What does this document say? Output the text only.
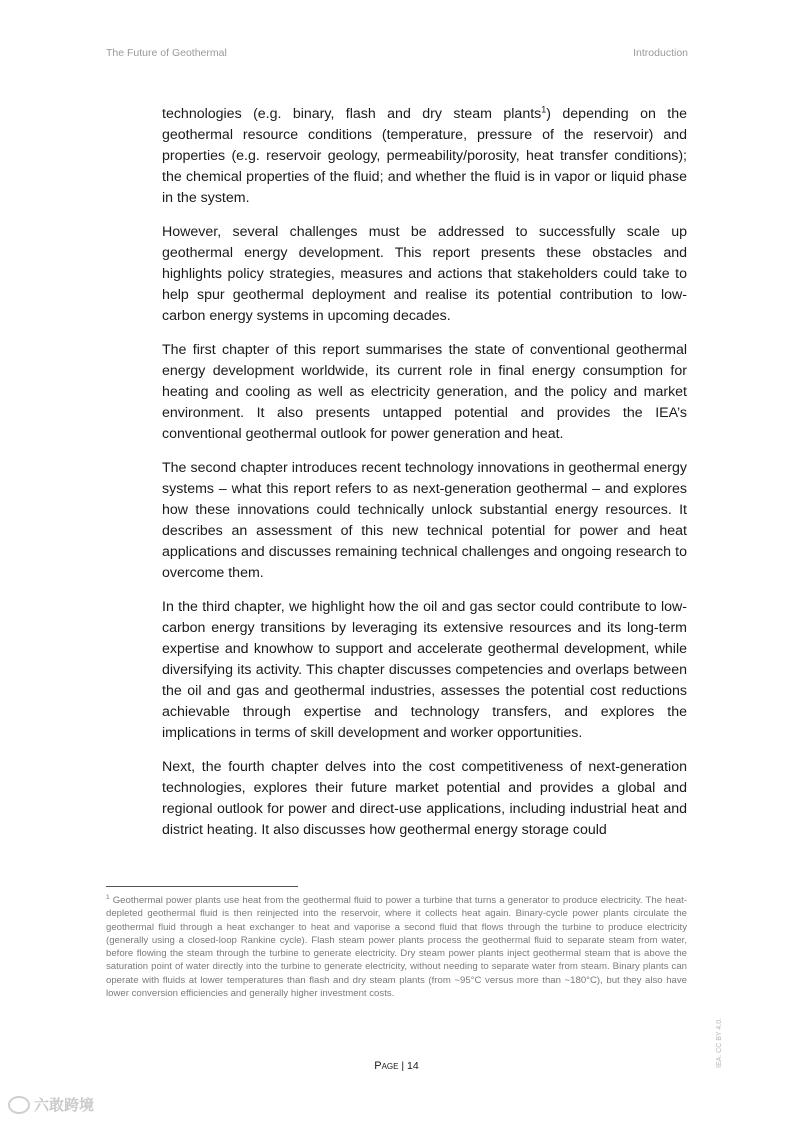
The Future of Geothermal	Introduction

technologies (e.g. binary, flash and dry steam plants$^1$) depending on the geothermal resource conditions (temperature, pressure of the reservoir) and properties (e.g. reservoir geology, permeability/porosity, heat transfer conditions); the chemical properties of the fluid; and whether the fluid is in vapor or liquid phase in the system.

However, several challenges must be addressed to successfully scale up geothermal energy development. This report presents these obstacles and highlights policy strategies, measures and actions that stakeholders could take to help spur geothermal deployment and realise its potential contribution to low-carbon energy systems in upcoming decades.

The first chapter of this report summarises the state of conventional geothermal energy development worldwide, its current role in final energy consumption for heating and cooling as well as electricity generation, and the policy and market environment. It also presents untapped potential and provides the IEA’s conventional geothermal outlook for power generation and heat.

The second chapter introduces recent technology innovations in geothermal energy systems – what this report refers to as next-generation geothermal – and explores how these innovations could technically unlock substantial energy resources. It describes an assessment of this new technical potential for power and heat applications and discusses remaining technical challenges and ongoing research to overcome them.

In the third chapter, we highlight how the oil and gas sector could contribute to low-carbon energy transitions by leveraging its extensive resources and its long-term expertise and knowhow to support and accelerate geothermal development, while diversifying its activity. This chapter discusses competencies and overlaps between the oil and gas and geothermal industries, assesses the potential cost reductions achievable through expertise and technology transfers, and explores the implications in terms of skill development and worker opportunities.

Next, the fourth chapter delves into the cost competitiveness of next-generation technologies, explores their future market potential and provides a global and regional outlook for power and direct-use applications, including industrial heat and district heating. It also discusses how geothermal energy storage could

$^1$ Geothermal power plants use heat from the geothermal fluid to power a turbine that turns a generator to produce electricity. The heat-depleted geothermal fluid is then reinjected into the reservoir, where it collects heat again. Binary-cycle power plants circulate the geothermal fluid through a heat exchanger to heat and vaporise a second fluid that flows through the turbine to produce electricity (generally using a closed-loop Rankine cycle). Flash steam power plants process the geothermal fluid to separate steam from water, before flowing the steam through the turbine to generate electricity. Dry steam power plants inject geothermal steam that is above the saturation point of water directly into the turbine to generate electricity, without needing to separate water from steam. Binary plants can operate with fluids at lower temperatures than flash and dry steam plants (from ~95°C versus more than ~180°C), but they also have lower conversion efficiencies and generally higher investment costs.

Page | 14	IEA. CC BY 4.0.
六敢跨境
